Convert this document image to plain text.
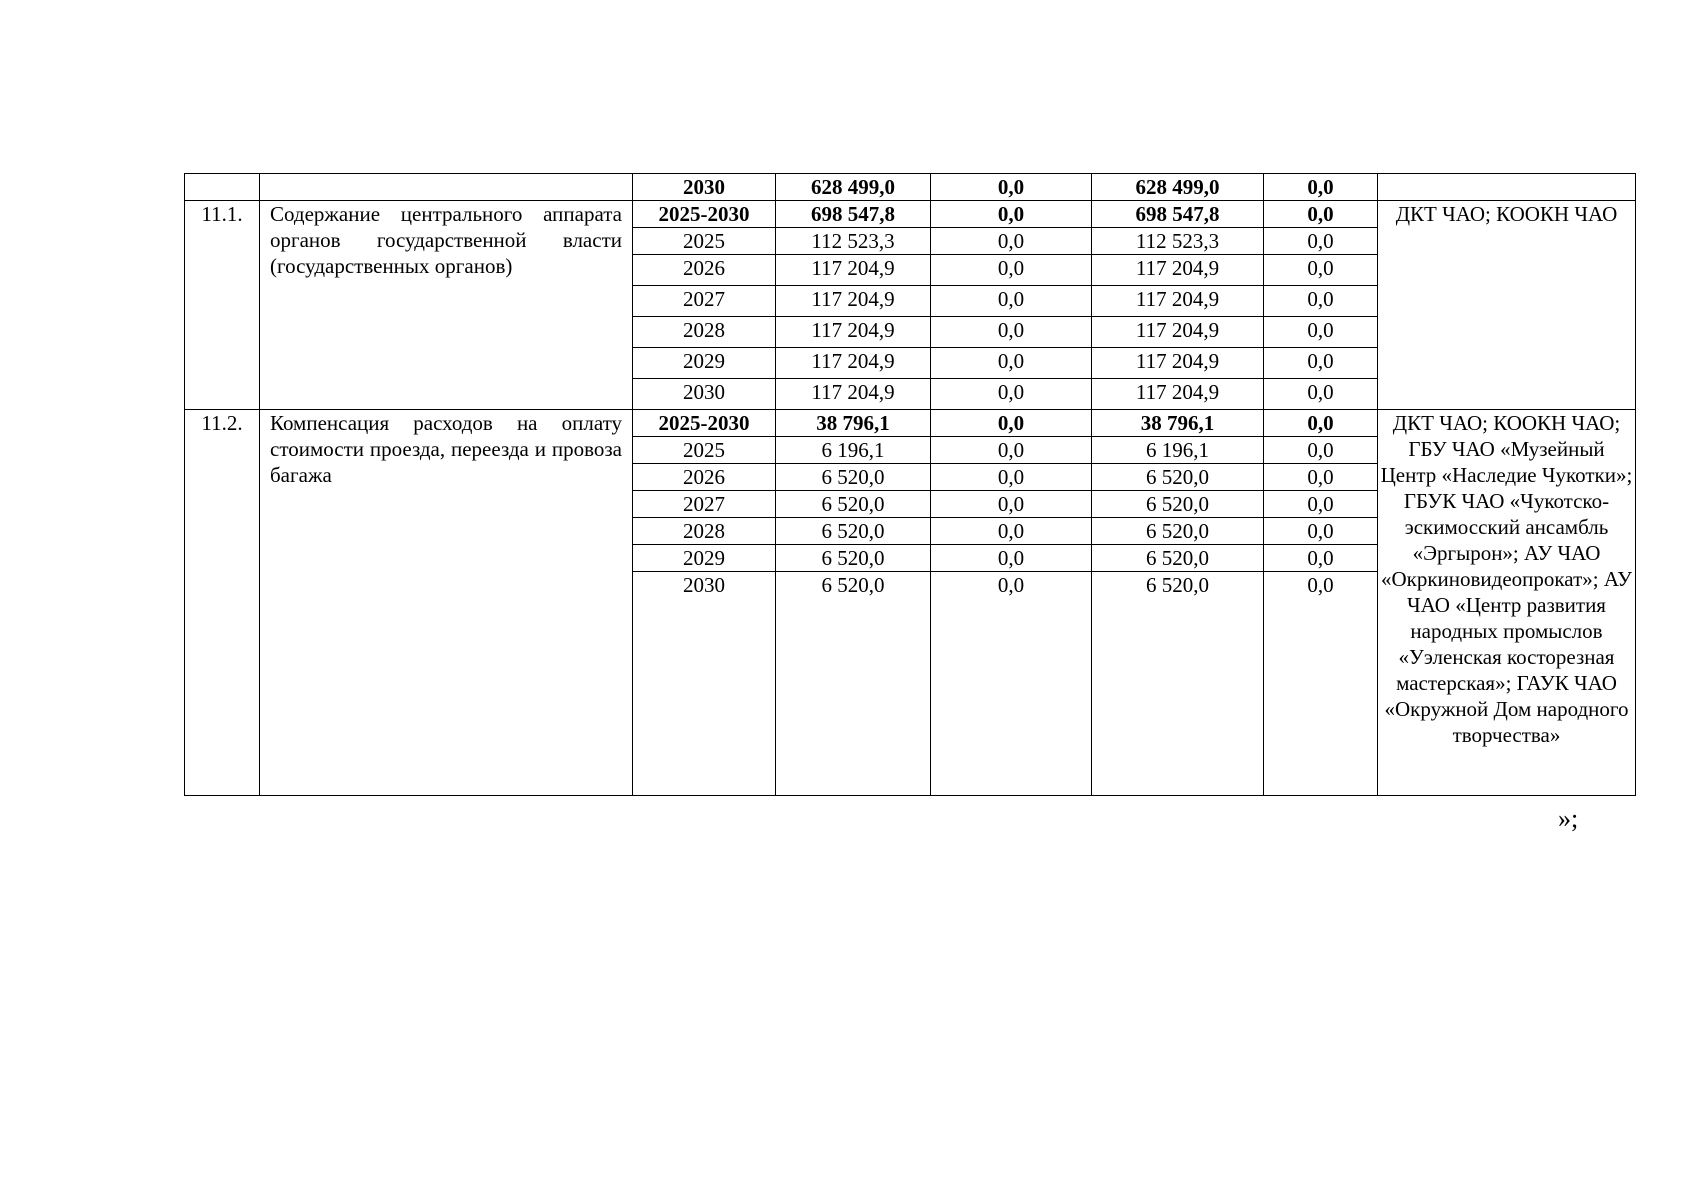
		2030	628 499,0	0,0	628 499,0	0,0	
11.1.	Содержание центрального аппарата органов государственной власти (государственных органов)	2025-2030	698 547,8	0,0	698 547,8	0,0	ДКТ ЧАО; КООКН ЧАО
		2025	112 523,3	0,0	112 523,3	0,0	
		2026	117 204,9	0,0	117 204,9	0,0	
		2027	117 204,9	0,0	117 204,9	0,0	
		2028	117 204,9	0,0	117 204,9	0,0	
		2029	117 204,9	0,0	117 204,9	0,0	
		2030	117 204,9	0,0	117 204,9	0,0	
11.2.	Компенсация расходов на оплату стоимости проезда, переезда и провоза багажа	2025-2030	38 796,1	0,0	38 796,1	0,0	ДКТ ЧАО; КООКН ЧАО; ГБУ ЧАО «Музейный Центр «Наследие Чукотки»; ГБУК ЧАО «Чукотско-эскимосский ансамбль «Эргырон»; АУ ЧАО «Окркиновидеопрокат»; АУ ЧАО «Центр развития народных промыслов «Уэленская косторезная мастерская»; ГАУК ЧАО «Окружной Дом народного творчества»
		2025	6 196,1	0,0	6 196,1	0,0	
		2026	6 520,0	0,0	6 520,0	0,0	
		2027	6 520,0	0,0	6 520,0	0,0	
		2028	6 520,0	0,0	6 520,0	0,0	
		2029	6 520,0	0,0	6 520,0	0,0	
		2030	6 520,0	0,0	6 520,0	0,0	
»;
